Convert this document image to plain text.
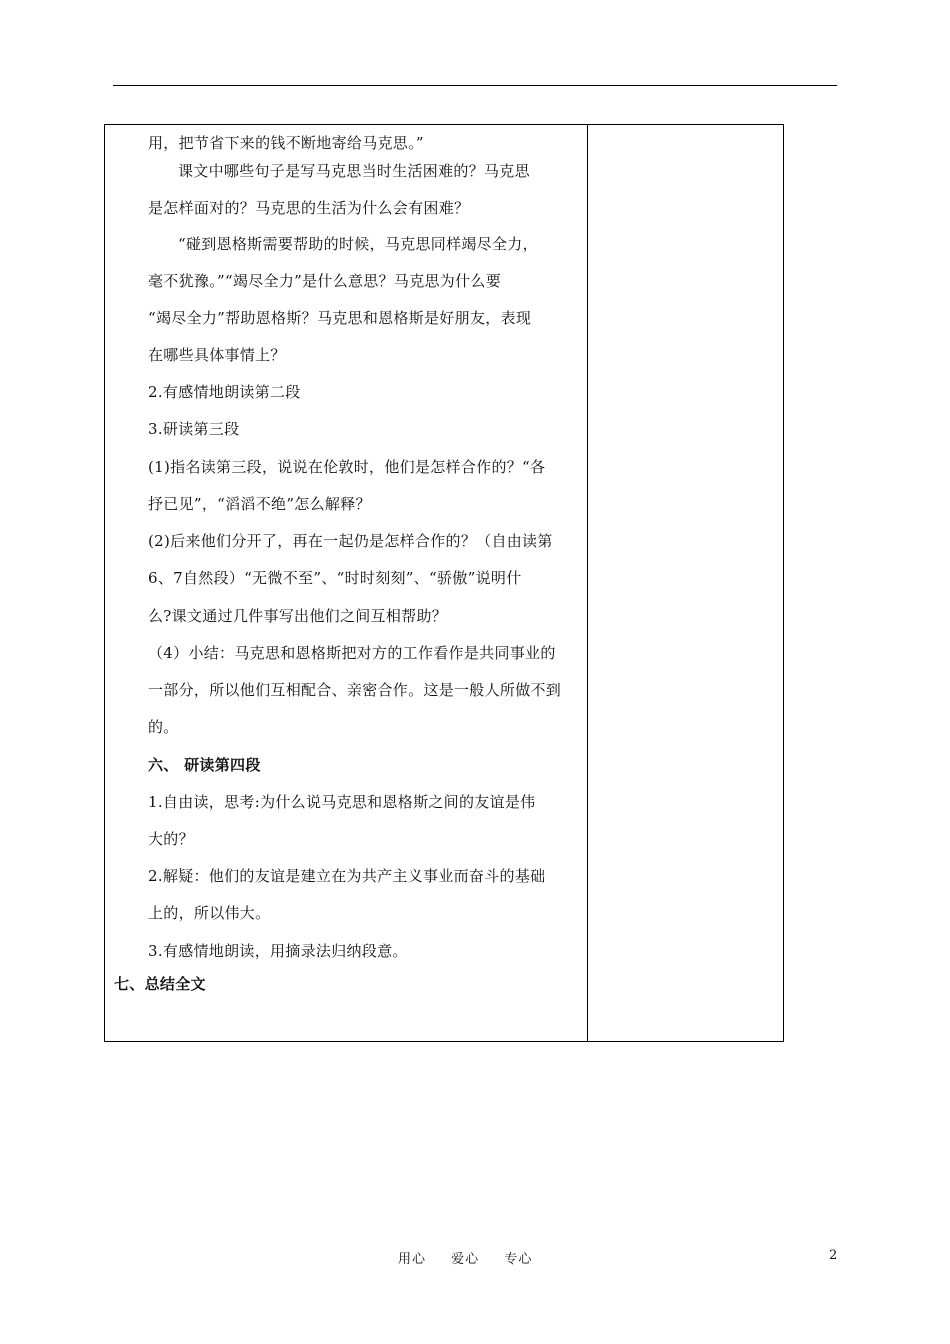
用，把节省下来的钱不断地寄给马克思。”
课文中哪些句子是写马克思当时生活困难的？马克思
是怎样面对的？马克思的生活为什么会有困难？
“碰到恩格斯需要帮助的时候，马克思同样竭尽全力，
毫不犹豫。”“竭尽全力”是什么意思？马克思为什么要
“竭尽全力”帮助恩格斯？马克思和恩格斯是好朋友，表现
在哪些具体事情上？
2.有感情地朗读第二段
3.研读第三段
(1)指名读第三段，说说在伦敦时，他们是怎样合作的？“各
抒已见”，“滔滔不绝”怎么解释？
(2)后来他们分开了，再在一起仍是怎样合作的？（自由读第
6、7自然段）“无微不至”、“时时刻刻”、“骄傲”说明什
么?课文通过几件事写出他们之间互相帮助？
（4）小结：马克思和恩格斯把对方的工作看作是共同事业的
一部分，所以他们互相配合、亲密合作。这是一般人所做不到
的。
六、 研读第四段
1.自由读，思考:为什么说马克思和恩格斯之间的友谊是伟
大的？
2.解疑：他们的友谊是建立在为共产主义事业而奋斗的基础
上的，所以伟大。
3.有感情地朗读，用摘录法归纳段意。
七、总结全文
用心 爱心 专心	2
